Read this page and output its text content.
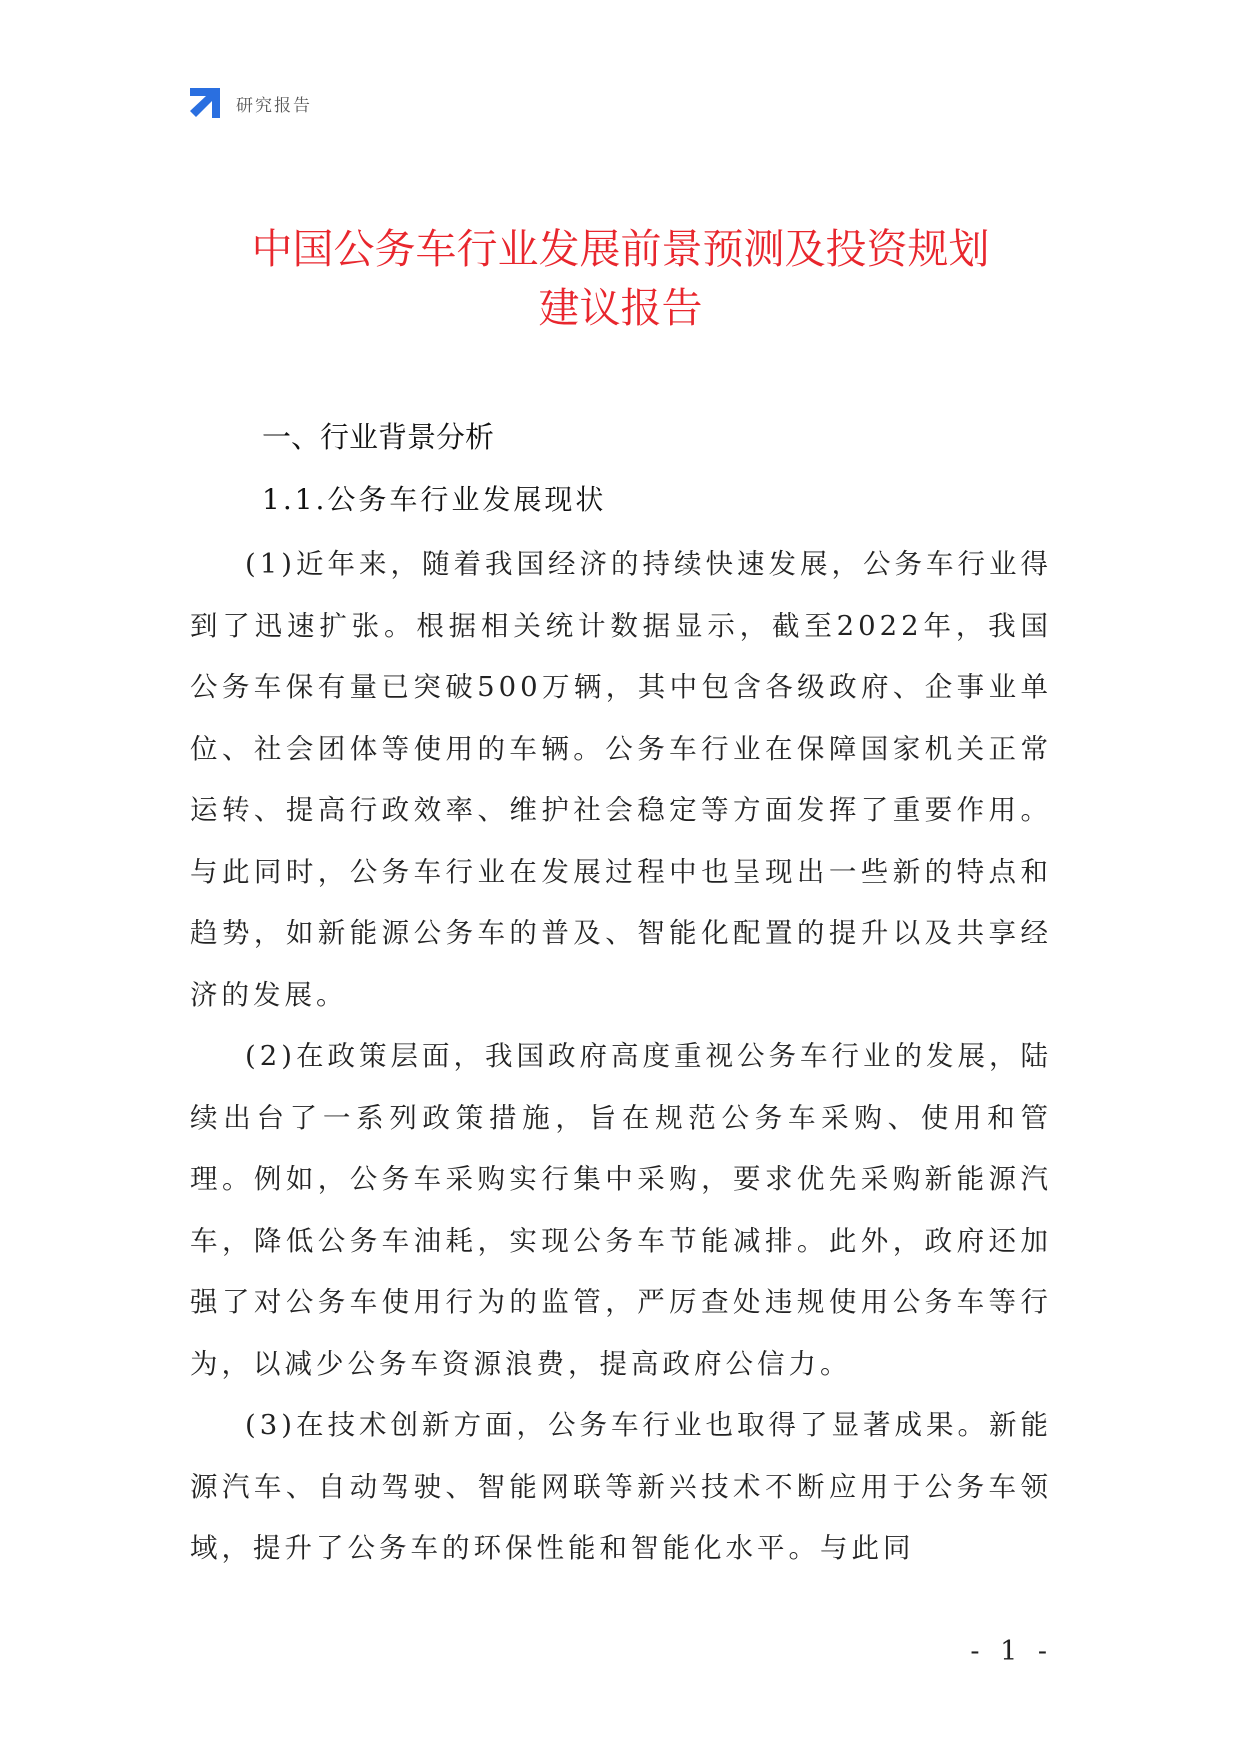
研究报告
中国公务车行业发展前景预测及投资规划
建议报告
一、行业背景分析
1.1.公务车行业发展现状

(1)近年来，随着我国经济的持续快速发展，公务车行业得到了迅速扩张。根据相关统计数据显示，截至2022年，我国公务车保有量已突破500万辆，其中包含各级政府、企事业单位、社会团体等使用的车辆。公务车行业在保障国家机关正常运转、提高行政效率、维护社会稳定等方面发挥了重要作用。与此同时，公务车行业在发展过程中也呈现出一些新的特点和趋势，如新能源公务车的普及、智能化配置的提升以及共享经济的发展。

(2)在政策层面，我国政府高度重视公务车行业的发展，陆续出台了一系列政策措施，旨在规范公务车采购、使用和管理。例如，公务车采购实行集中采购，要求优先采购新能源汽车，降低公务车油耗，实现公务车节能减排。此外，政府还加强了对公务车使用行为的监管，严厉查处违规使用公务车等行为，以减少公务车资源浪费，提高政府公信力。

(3)在技术创新方面，公务车行业也取得了显著成果。新能源汽车、自动驾驶、智能网联等新兴技术不断应用于公务车领域，提升了公务车的环保性能和智能化水平。与此同

- 1 -
